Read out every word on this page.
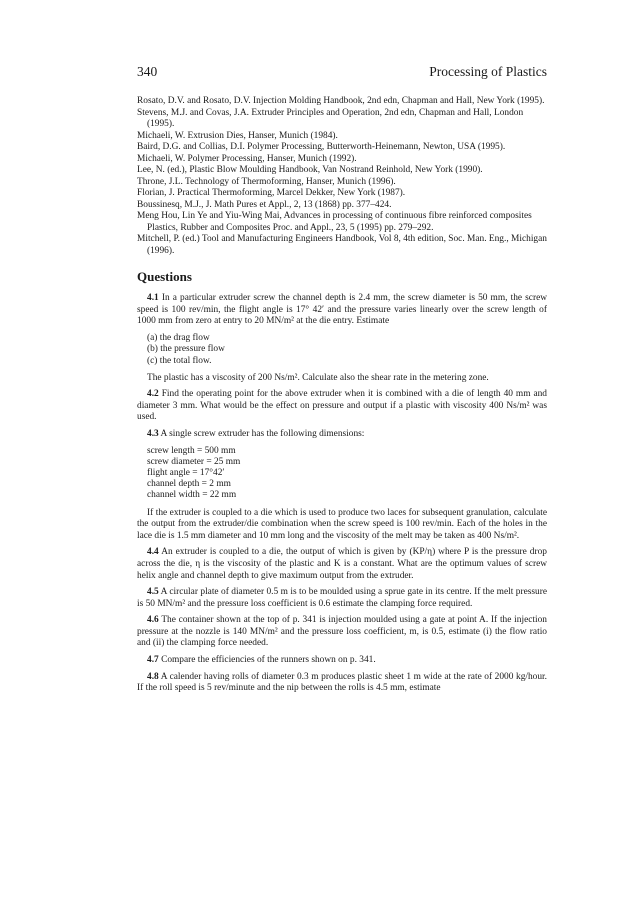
340	Processing of Plastics

Rosato, D.V. and Rosato, D.V. Injection Molding Handbook, 2nd edn, Chapman and Hall, New York (1995).

Stevens, M.J. and Covas, J.A. Extruder Principles and Operation, 2nd edn, Chapman and Hall, London (1995).

Michaeli, W. Extrusion Dies, Hanser, Munich (1984).

Baird, D.G. and Collias, D.I. Polymer Processing, Butterworth-Heinemann, Newton, USA (1995).

Michaeli, W. Polymer Processing, Hanser, Munich (1992).

Lee, N. (ed.), Plastic Blow Moulding Handbook, Van Nostrand Reinhold, New York (1990).

Throne, J.L. Technology of Thermoforming, Hanser, Munich (1996).

Florian, J. Practical Thermoforming, Marcel Dekker, New York (1987).

Boussinesq, M.J., J. Math Pures et Appl., 2, 13 (1868) pp. 377–424.

Meng Hou, Lin Ye and Yiu-Wing Mai, Advances in processing of continuous fibre reinforced composites Plastics, Rubber and Composites Proc. and Appl., 23, 5 (1995) pp. 279–292.

Mitchell, P. (ed.) Tool and Manufacturing Engineers Handbook, Vol 8, 4th edition, Soc. Man. Eng., Michigan (1996).

Questions

4.1 In a particular extruder screw the channel depth is 2.4 mm, the screw diameter is 50 mm, the screw speed is 100 rev/min, the flight angle is 17° 42′ and the pressure varies linearly over the screw length of 1000 mm from zero at entry to 20 MN/m² at the die entry. Estimate

(a) the drag flow
(b) the pressure flow
(c) the total flow.

The plastic has a viscosity of 200 Ns/m². Calculate also the shear rate in the metering zone.

4.2 Find the operating point for the above extruder when it is combined with a die of length 40 mm and diameter 3 mm. What would be the effect on pressure and output if a plastic with viscosity 400 Ns/m² was used.

4.3 A single screw extruder has the following dimensions:

screw length = 500 mm
screw diameter = 25 mm
flight angle = 17°42′
channel depth = 2 mm
channel width = 22 mm

If the extruder is coupled to a die which is used to produce two laces for subsequent granulation, calculate the output from the extruder/die combination when the screw speed is 100 rev/min. Each of the holes in the lace die is 1.5 mm diameter and 10 mm long and the viscosity of the melt may be taken as 400 Ns/m².

4.4 An extruder is coupled to a die, the output of which is given by (KP/η) where P is the pressure drop across the die, η is the viscosity of the plastic and K is a constant. What are the optimum values of screw helix angle and channel depth to give maximum output from the extruder.

4.5 A circular plate of diameter 0.5 m is to be moulded using a sprue gate in its centre. If the melt pressure is 50 MN/m² and the pressure loss coefficient is 0.6 estimate the clamping force required.

4.6 The container shown at the top of p. 341 is injection moulded using a gate at point A. If the injection pressure at the nozzle is 140 MN/m² and the pressure loss coefficient, m, is 0.5, estimate (i) the flow ratio and (ii) the clamping force needed.

4.7 Compare the efficiencies of the runners shown on p. 341.

4.8 A calender having rolls of diameter 0.3 m produces plastic sheet 1 m wide at the rate of 2000 kg/hour. If the roll speed is 5 rev/minute and the nip between the rolls is 4.5 mm, estimate
